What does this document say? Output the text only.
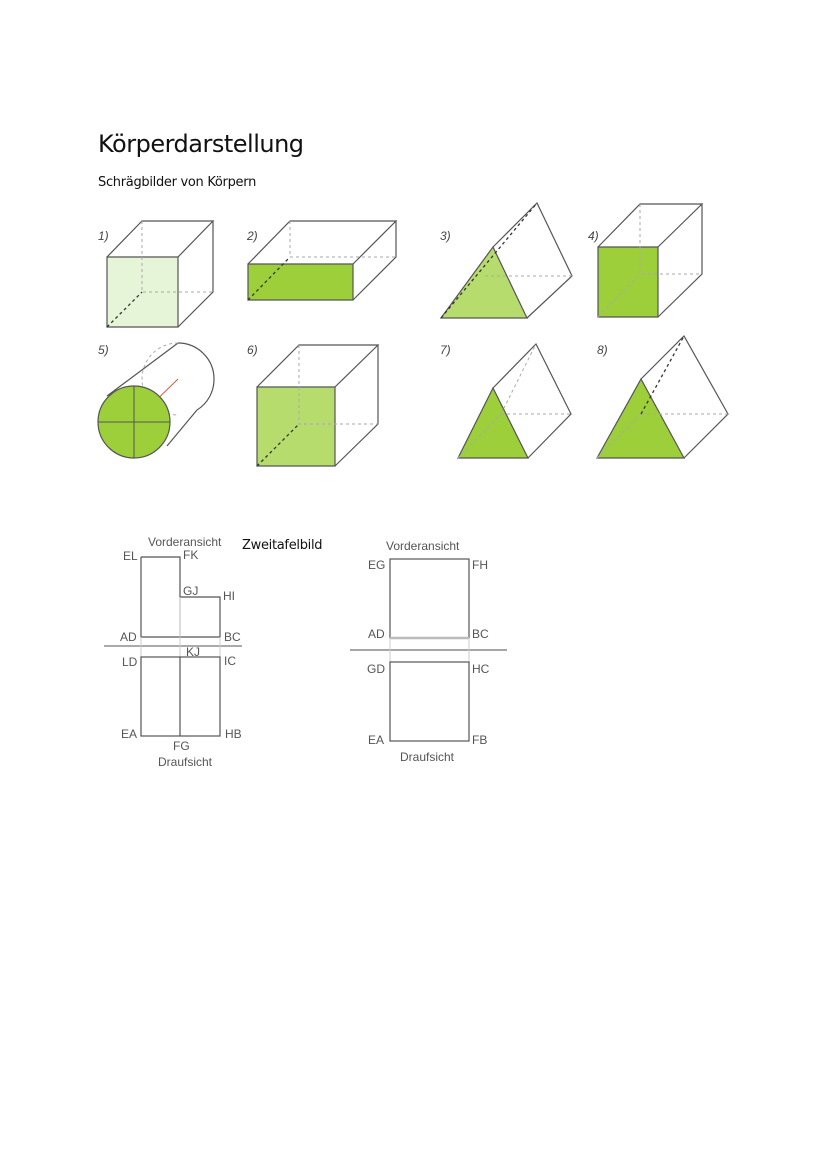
Körperdarstellung
Schrägbilder von Körpern
Zweitafelbild
1)	2)	3)	4)
5)	6)	7)	8)
Vorderansicht
EL	FK
GJ HI
AD	BC
KJ
LD	IC
EA
FG
HB
Draufsicht
Vorderansicht
EG	FH
AD	BC
GD	HC
EA	FB
Draufsicht
